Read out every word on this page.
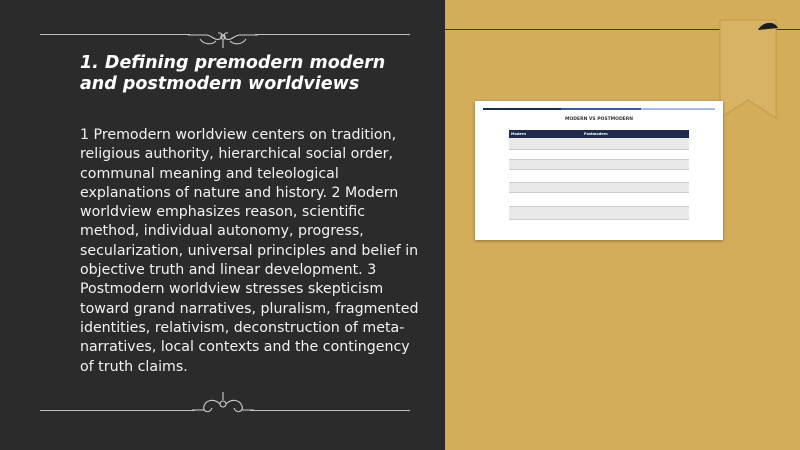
1. Defining premodern modern and postmodern worldviews
1 Premodern worldview centers on tradition, religious authority, hierarchical social order, communal meaning and teleological explanations of nature and history. 2 Modern worldview emphasizes reason, scientific method, individual autonomy, progress, secularization, universal principles and belief in objective truth and linear development. 3 Postmodern worldview stresses skepticism toward grand narratives, pluralism, fragmented identities, relativism, deconstruction of meta-narratives, local contexts and the contingency of truth claims.
MODERN VS POSTMODERN
Modern	Postmodern
